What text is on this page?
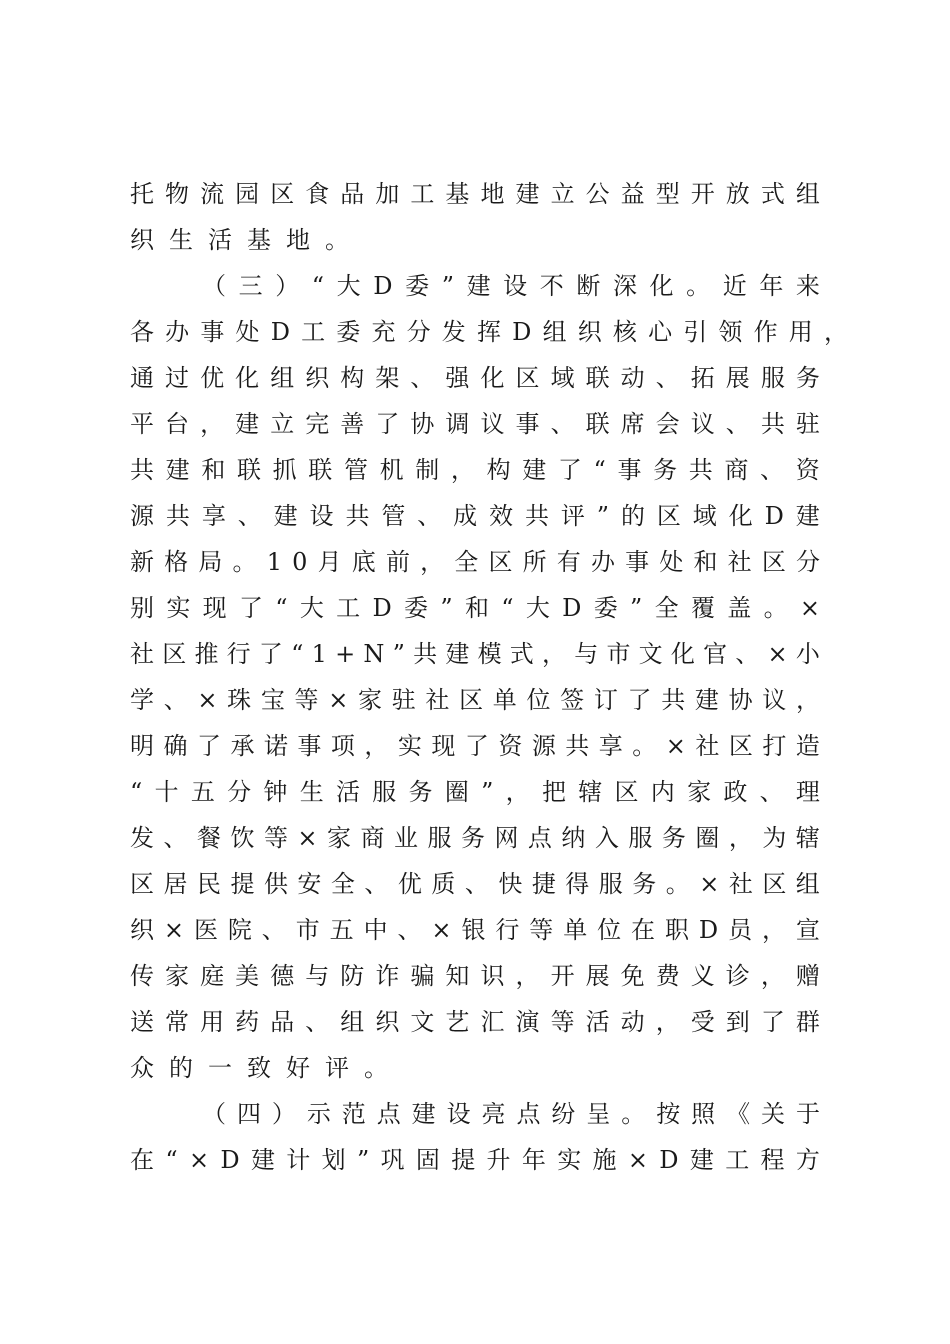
托 物 流 园 区 食 品 加 工 基 地 建 立 公 益 型 开 放 式 组
织生活基地。
（ 三 ） “ 大 D 委 ” 建 设 不 断 深 化 。 近 年 来
各 办 事 处 D 工 委 充 分 发 挥 D 组 织 核 心 引 领 作 用 ，
通 过 优 化 组 织 构 架 、 强 化 区 域 联 动 、 拓 展 服 务
平 台 ， 建 立 完 善 了 协 调 议 事 、 联 席 会 议 、 共 驻
共 建 和 联 抓 联 管 机 制 ， 构 建 了 “ 事 务 共 商 、 资
源 共 享 、 建 设 共 管 、 成 效 共 评 ” 的 区 域 化 D 建
新 格 局 。 1 0 月 底 前 ， 全 区 所 有 办 事 处 和 社 区 分
别 实 现 了 “ 大 工 D 委 ” 和 “ 大 D 委 ” 全 覆 盖 。 ×
社 区 推 行 了 “ 1 + N ” 共 建 模 式 ， 与 市 文 化 官 、 × 小
学 、 × 珠 宝 等 × 家 驻 社 区 单 位 签 订 了 共 建 协 议 ，
明 确 了 承 诺 事 项 ， 实 现 了 资 源 共 享 。 × 社 区 打 造
“ 十 五 分 钟 生 活 服 务 圈 ” ， 把 辖 区 内 家 政 、 理
发 、 餐 饮 等 × 家 商 业 服 务 网 点 纳 入 服 务 圈 ， 为 辖
区 居 民 提 供 安 全 、 优 质 、 快 捷 得 服 务 。 × 社 区 组
织 × 医 院 、 市 五 中 、 × 银 行 等 单 位 在 职 D 员 ， 宣
传 家 庭 美 德 与 防 诈 骗 知 识 ， 开 展 免 费 义 诊 ， 赠
送 常 用 药 品 、 组 织 文 艺 汇 演 等 活 动 ， 受 到 了 群
众的一致好评。
（ 四 ） 示 范 点 建 设 亮 点 纷 呈 。 按 照 《 关 于
在 “ × D 建 计 划 ” 巩 固 提 升 年 实 施 × D 建 工 程 方
